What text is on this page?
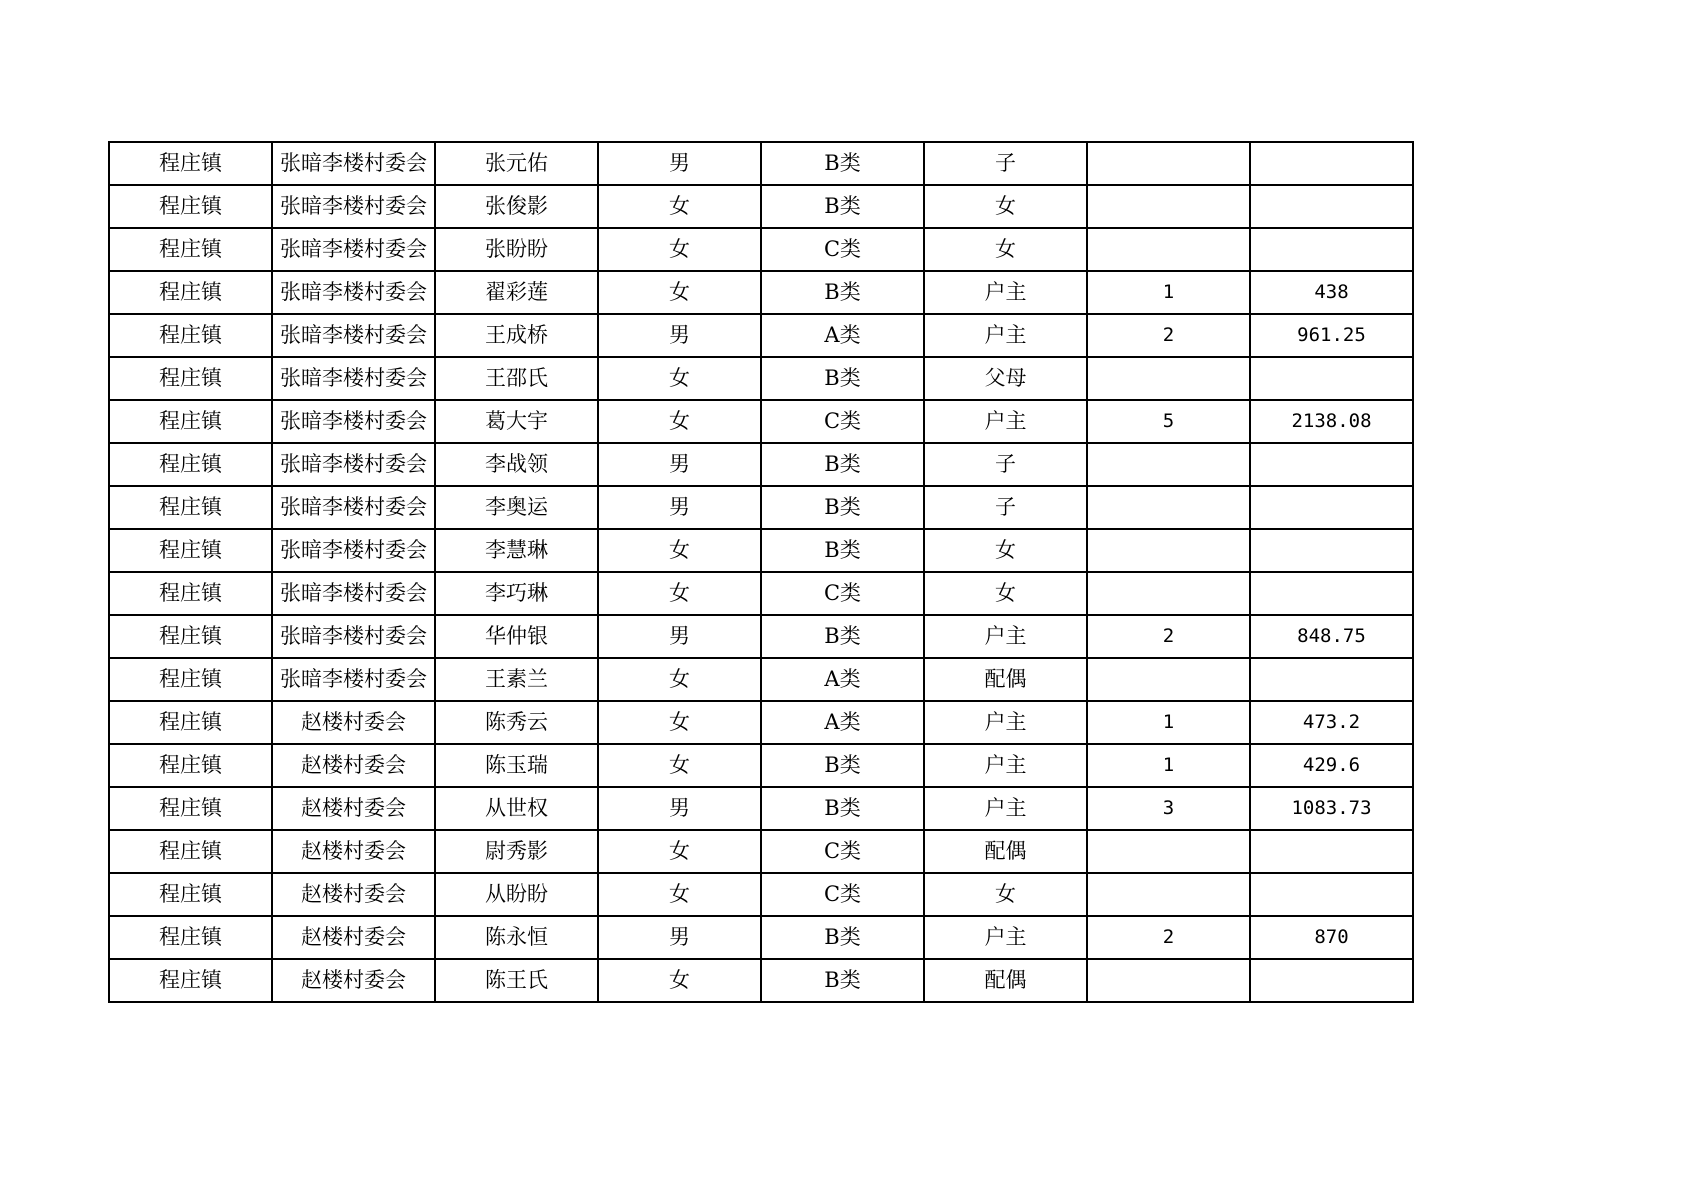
程庄镇	张暗李楼村委会	张元佑	男	B类	子		
程庄镇	张暗李楼村委会	张俊影	女	B类	女		
程庄镇	张暗李楼村委会	张盼盼	女	C类	女		
程庄镇	张暗李楼村委会	翟彩莲	女	B类	户主	1	438
程庄镇	张暗李楼村委会	王成桥	男	A类	户主	2	961.25
程庄镇	张暗李楼村委会	王邵氏	女	B类	父母		
程庄镇	张暗李楼村委会	葛大宇	女	C类	户主	5	2138.08
程庄镇	张暗李楼村委会	李战领	男	B类	子		
程庄镇	张暗李楼村委会	李奥运	男	B类	子		
程庄镇	张暗李楼村委会	李慧琳	女	B类	女		
程庄镇	张暗李楼村委会	李巧琳	女	C类	女		
程庄镇	张暗李楼村委会	华仲银	男	B类	户主	2	848.75
程庄镇	张暗李楼村委会	王素兰	女	A类	配偶		
程庄镇	赵楼村委会	陈秀云	女	A类	户主	1	473.2
程庄镇	赵楼村委会	陈玉瑞	女	B类	户主	1	429.6
程庄镇	赵楼村委会	从世权	男	B类	户主	3	1083.73
程庄镇	赵楼村委会	尉秀影	女	C类	配偶		
程庄镇	赵楼村委会	从盼盼	女	C类	女		
程庄镇	赵楼村委会	陈永恒	男	B类	户主	2	870
程庄镇	赵楼村委会	陈王氏	女	B类	配偶		
